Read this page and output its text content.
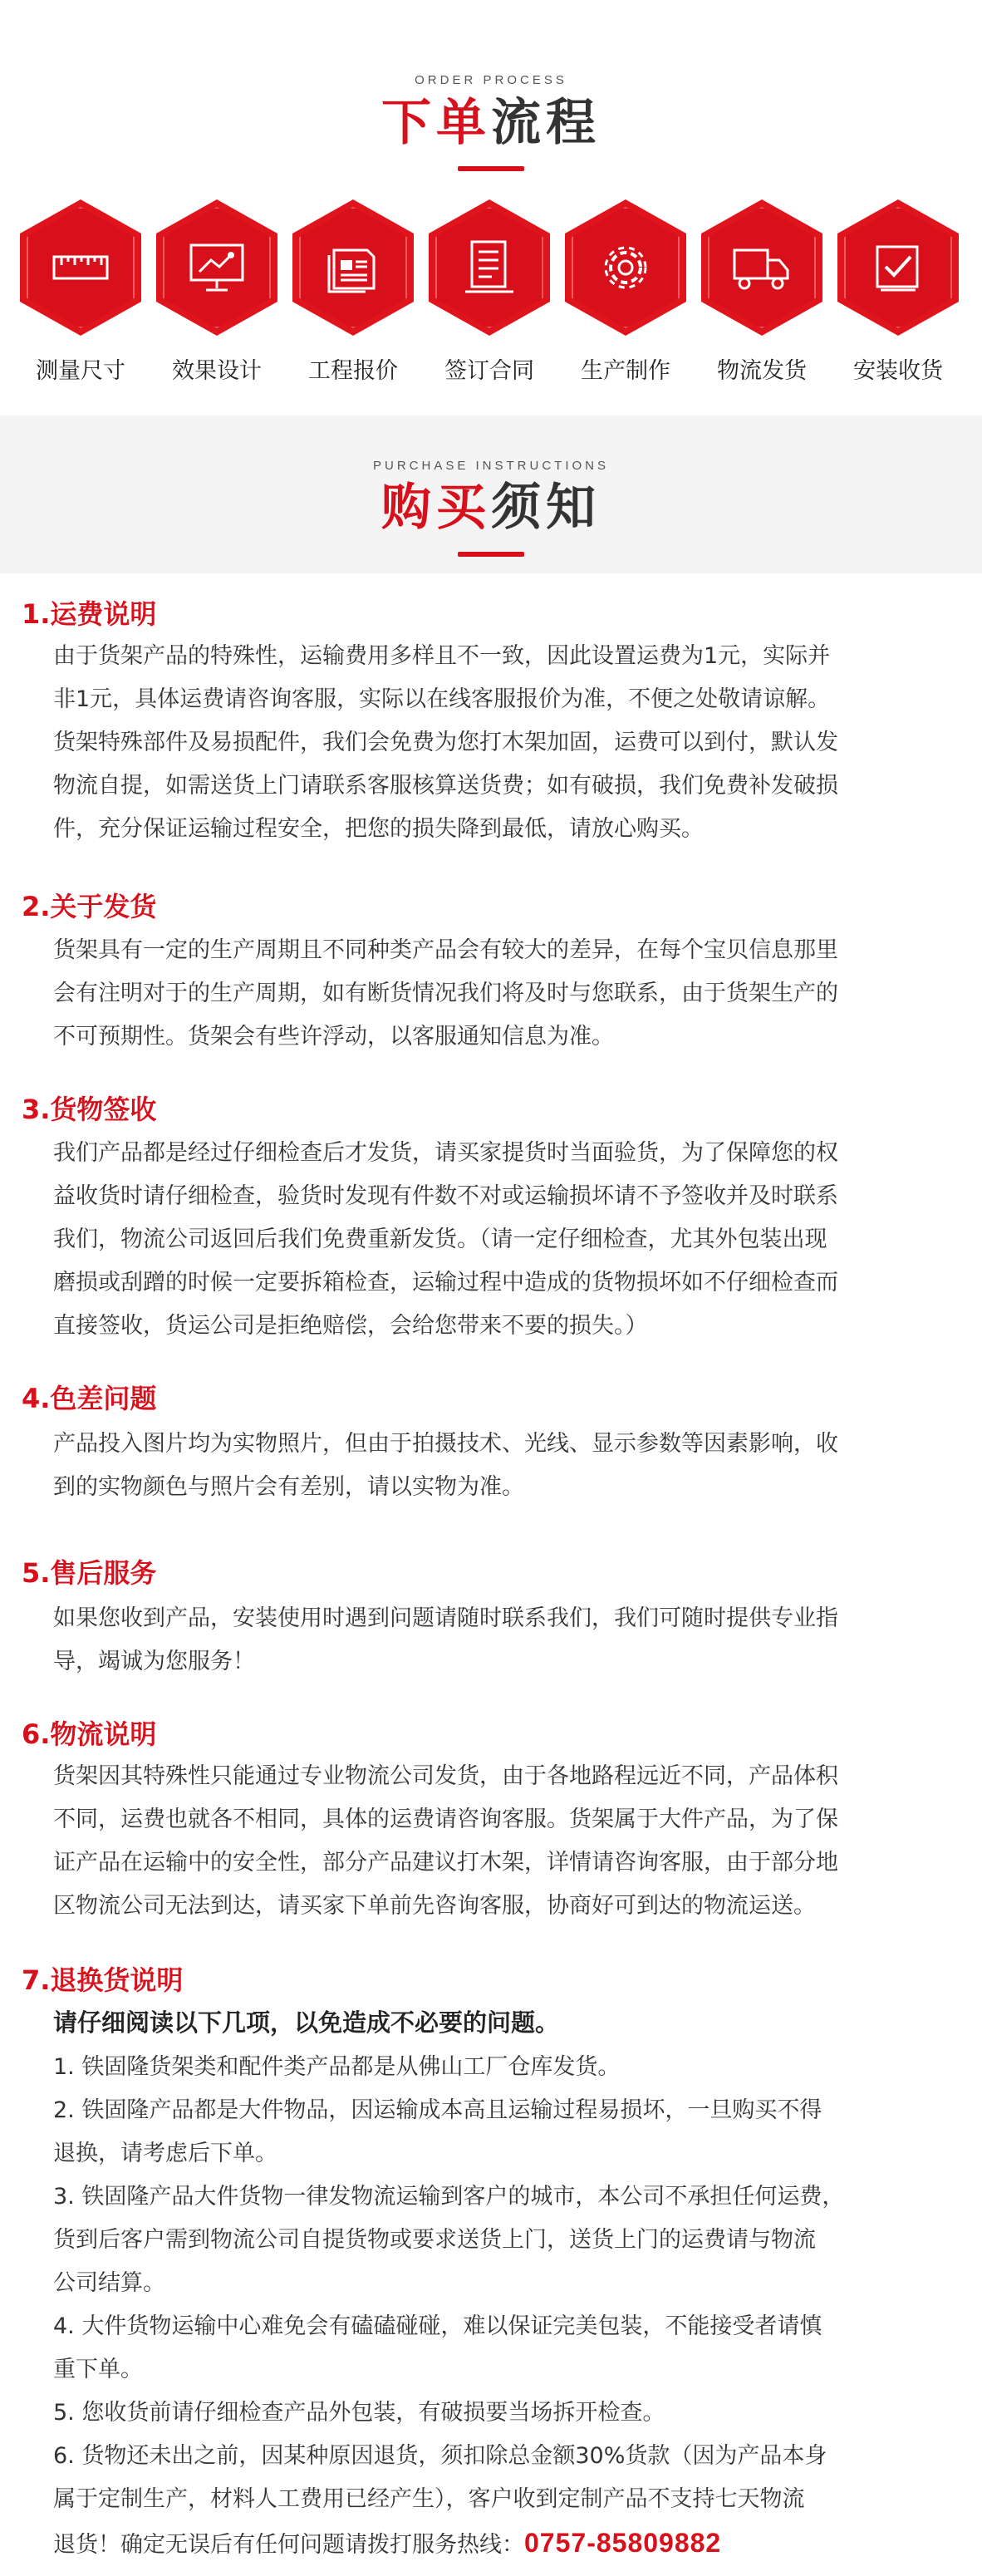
ORDER PROCESS
下单流程
测量尺寸	效果设计	工程报价	签订合同	生产制作	物流发货	安装收货
PURCHASE INSTRUCTIONS
购买须知
1.运费说明
由于货架产品的特殊性，运输费用多样且不一致，因此设置运费为1元，实际并
非1元，具体运费请咨询客服，实际以在线客服报价为准，不便之处敬请谅解。
货架特殊部件及易损配件，我们会免费为您打木架加固，运费可以到付，默认发
物流自提，如需送货上门请联系客服核算送货费；如有破损，我们免费补发破损
件，充分保证运输过程安全，把您的损失降到最低，请放心购买。
2.关于发货
货架具有一定的生产周期且不同种类产品会有较大的差异，在每个宝贝信息那里
会有注明对于的生产周期，如有断货情况我们将及时与您联系，由于货架生产的
不可预期性。货架会有些许浮动，以客服通知信息为准。
3.货物签收
我们产品都是经过仔细检查后才发货，请买家提货时当面验货，为了保障您的权
益收货时请仔细检查，验货时发现有件数不对或运输损坏请不予签收并及时联系
我们，物流公司返回后我们免费重新发货。（请一定仔细检查，尤其外包装出现
磨损或刮蹭的时候一定要拆箱检查，运输过程中造成的货物损坏如不仔细检查而
直接签收，货运公司是拒绝赔偿，会给您带来不要的损失。）
4.色差问题
产品投入图片均为实物照片，但由于拍摄技术、光线、显示参数等因素影响，收
到的实物颜色与照片会有差别，请以实物为准。
5.售后服务
如果您收到产品，安装使用时遇到问题请随时联系我们，我们可随时提供专业指
导，竭诚为您服务！
6.物流说明
货架因其特殊性只能通过专业物流公司发货，由于各地路程远近不同，产品体积
不同，运费也就各不相同，具体的运费请咨询客服。货架属于大件产品，为了保
证产品在运输中的安全性，部分产品建议打木架，详情请咨询客服，由于部分地
区物流公司无法到达，请买家下单前先咨询客服，协商好可到达的物流运送。
7.退换货说明
请仔细阅读以下几项，以免造成不必要的问题。
1. 铁固隆货架类和配件类产品都是从佛山工厂仓库发货。
2. 铁固隆产品都是大件物品，因运输成本高且运输过程易损坏，一旦购买不得
退换，请考虑后下单。
3. 铁固隆产品大件货物一律发物流运输到客户的城市，本公司不承担任何运费，
货到后客户需到物流公司自提货物或要求送货上门，送货上门的运费请与物流
公司结算。
4. 大件货物运输中心难免会有磕磕碰碰，难以保证完美包装，不能接受者请慎
重下单。
5. 您收货前请仔细检查产品外包装，有破损要当场拆开检查。
6. 货物还未出之前，因某种原因退货，须扣除总金额30%货款（因为产品本身
属于定制生产，材料人工费用已经产生），客户收到定制产品不支持七天物流
退货！确定无误后有任何问题请拨打服务热线：0757-85809882
